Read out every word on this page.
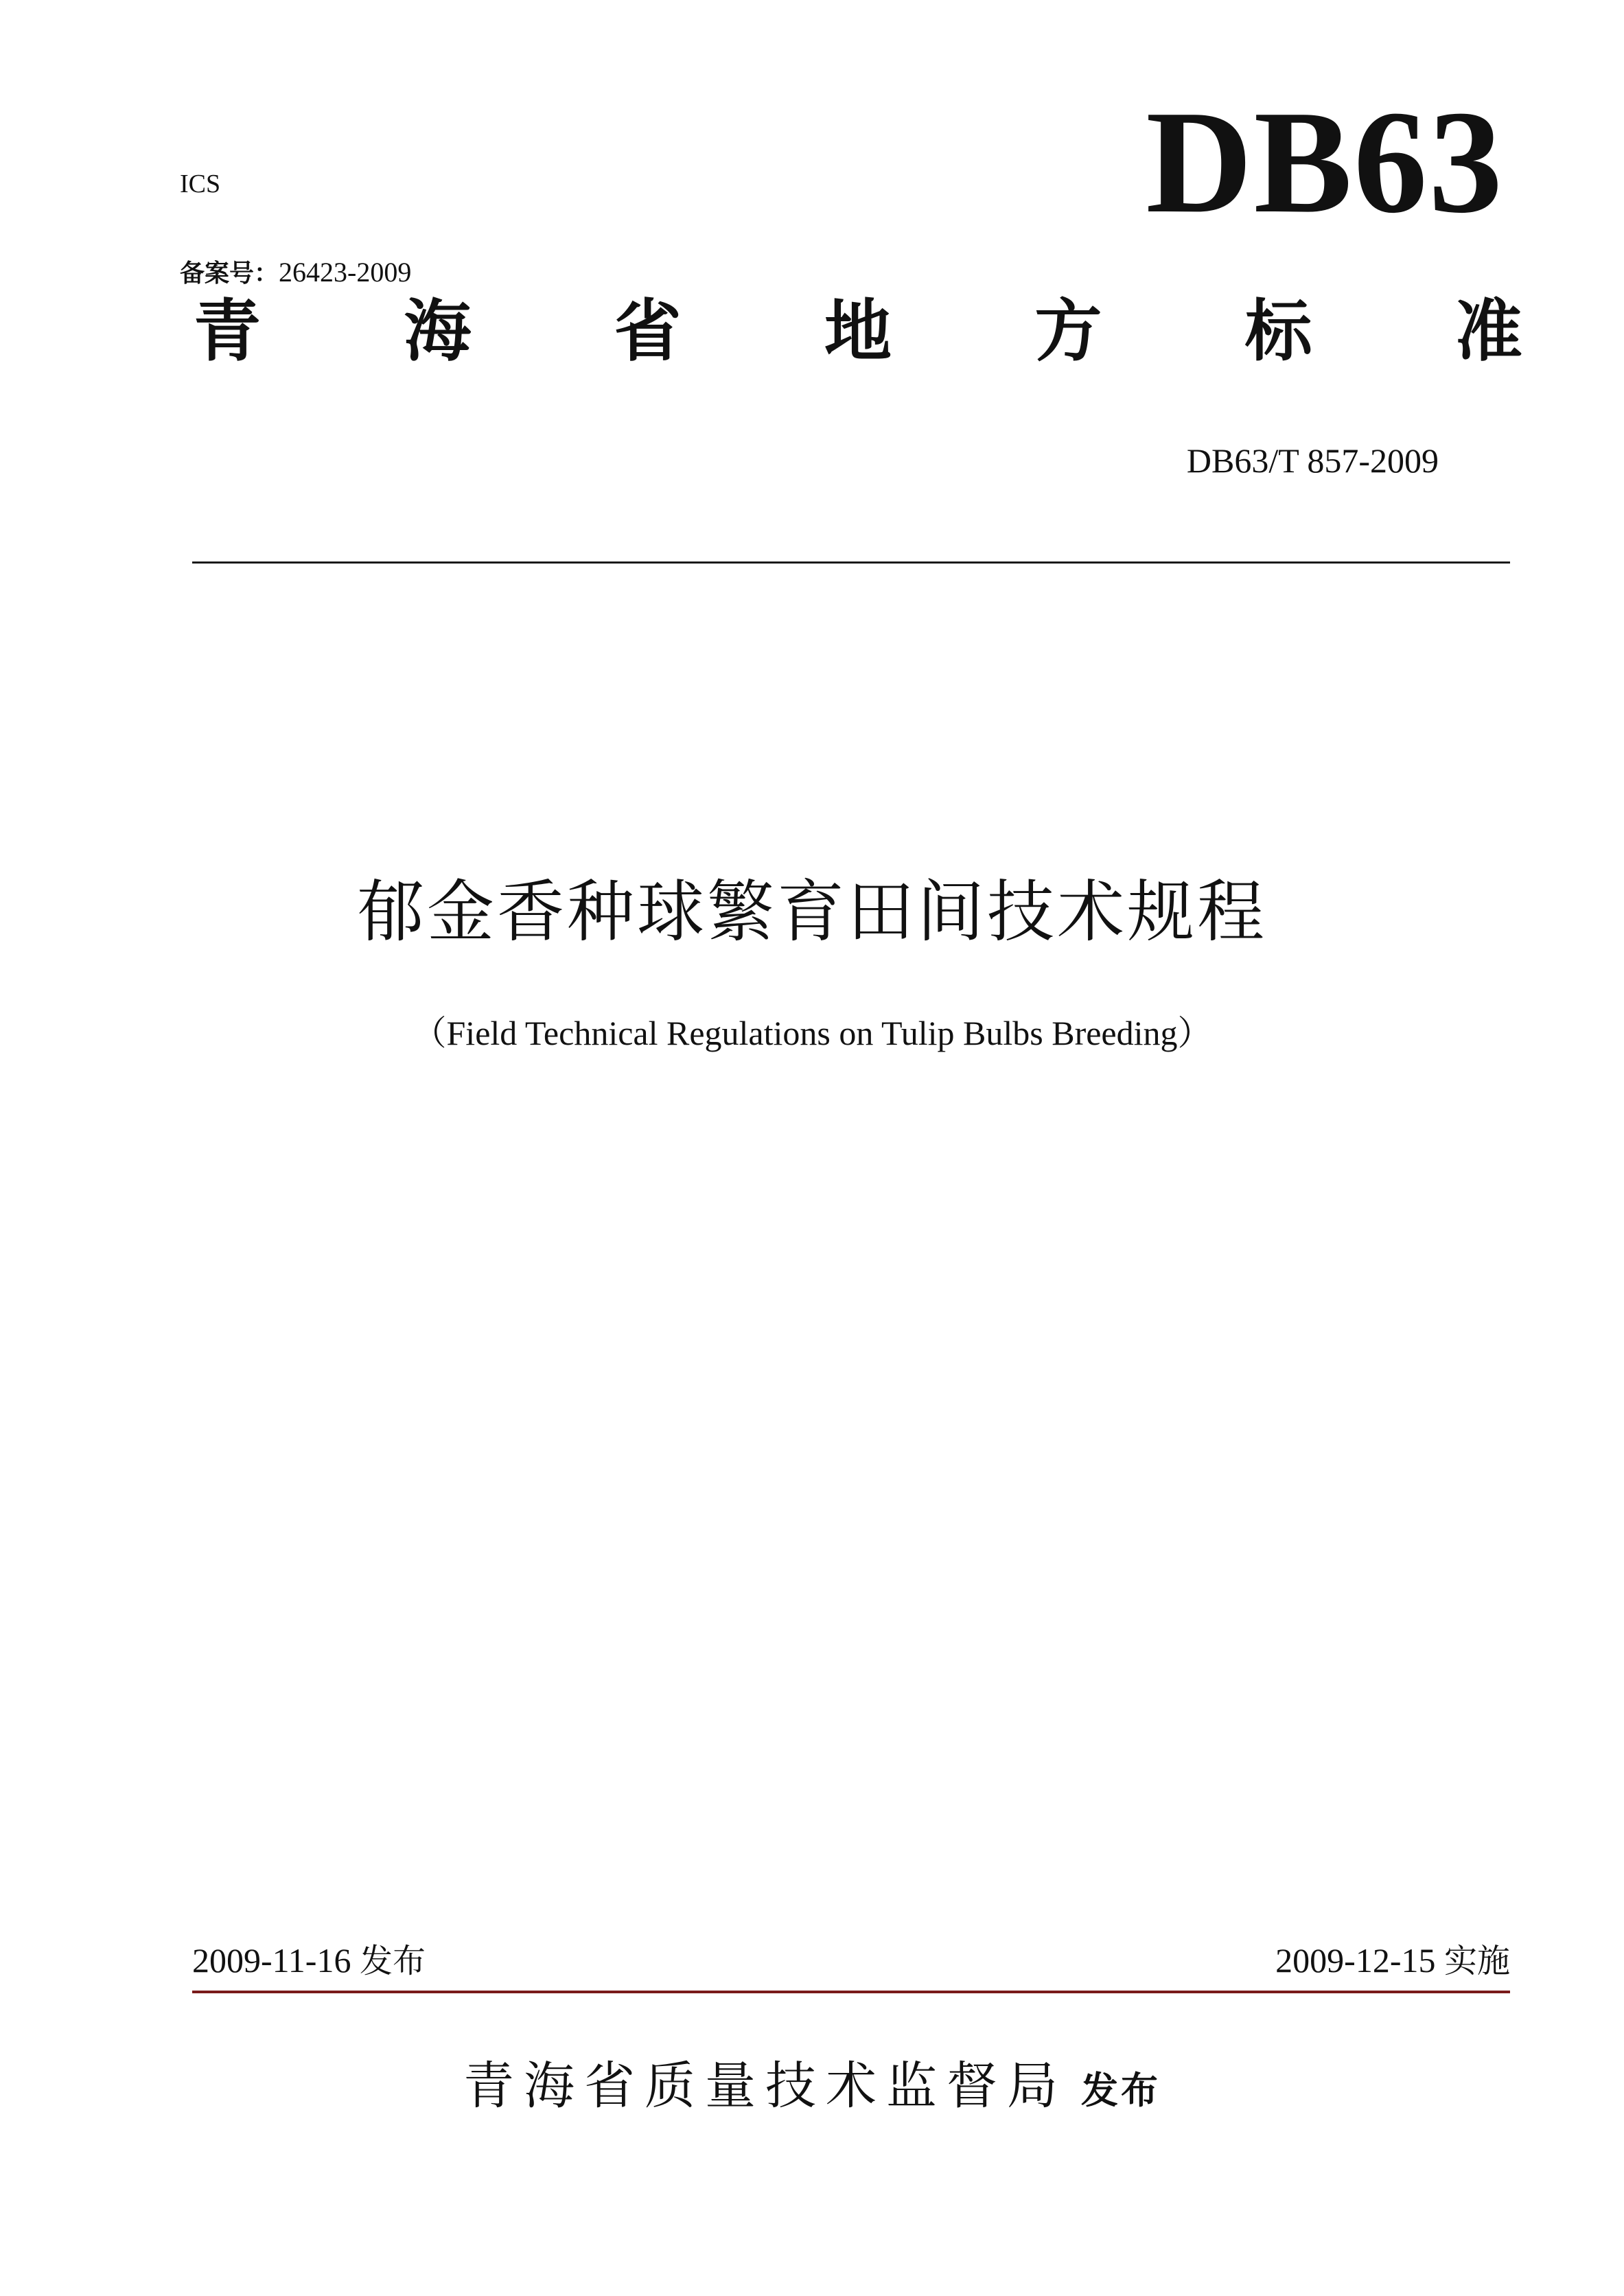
ICS	DB63
备案号： 26423-2009
青 海 省 地 方 标 准
DB63/T 857-2009
郁金香种球繁育田间技术规程
（Field Technical Regulations on Tulip Bulbs Breeding）
2009-11-16 发布	2009-12-15 实施
青海省质量技术监督局 发布
